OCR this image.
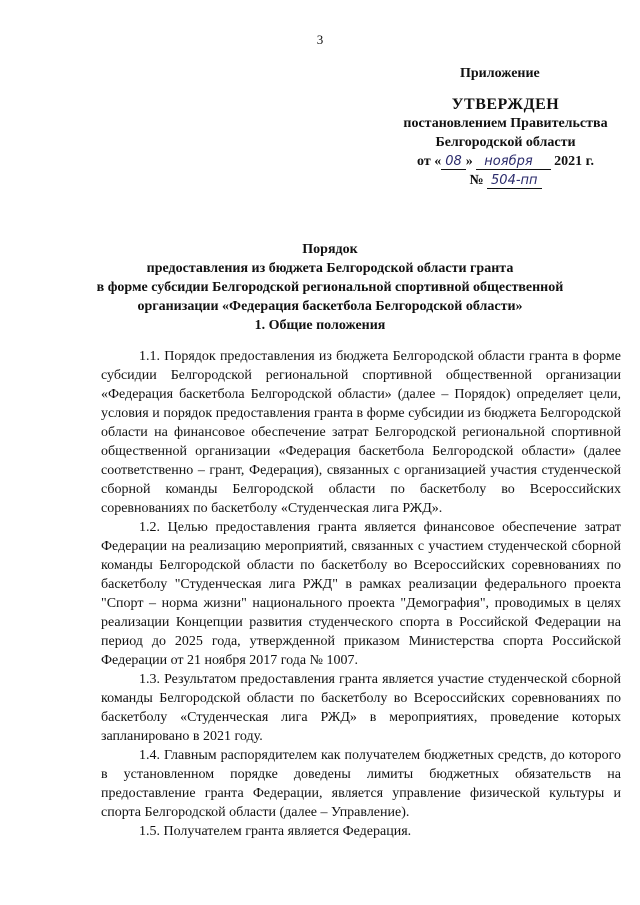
3
Приложение
УТВЕРЖДЕН
постановлением Правительства
Белгородской области
от « 08 » ноября 2021 г.
№ 504-пп
Порядок
предоставления из бюджета Белгородской области гранта
в форме субсидии Белгородской региональной спортивной общественной
организации «Федерация баскетбола Белгородской области»
1. Общие положения

1.1. Порядок предоставления из бюджета Белгородской области гранта в форме субсидии Белгородской региональной спортивной общественной организации «Федерация баскетбола Белгородской области» (далее – Порядок) определяет цели, условия и порядок предоставления гранта в форме субсидии из бюджета Белгородской области на финансовое обеспечение затрат Белгородской региональной спортивной общественной организации «Федерация баскетбола Белгородской области» (далее соответственно – грант, Федерация), связанных с организацией участия студенческой сборной команды Белгородской области по баскетболу во Всероссийских соревнованиях по баскетболу «Студенческая лига РЖД».

1.2. Целью предоставления гранта является финансовое обеспечение затрат Федерации на реализацию мероприятий, связанных с участием студенческой сборной команды Белгородской области по баскетболу во Всероссийских соревнованиях по баскетболу "Студенческая лига РЖД" в рамках реализации федерального проекта "Спорт – норма жизни" национального проекта "Демография", проводимых в целях реализации Концепции развития студенческого спорта в Российской Федерации на период до 2025 года, утвержденной приказом Министерства спорта Российской Федерации от 21 ноября 2017 года № 1007.

1.3. Результатом предоставления гранта является участие студенческой сборной команды Белгородской области по баскетболу во Всероссийских соревнованиях по баскетболу «Студенческая лига РЖД» в мероприятиях, проведение которых запланировано в 2021 году.

1.4. Главным распорядителем как получателем бюджетных средств, до которого в установленном порядке доведены лимиты бюджетных обязательств на предоставление гранта Федерации, является управление физической культуры и спорта Белгородской области (далее – Управление).

1.5. Получателем гранта является Федерация.
